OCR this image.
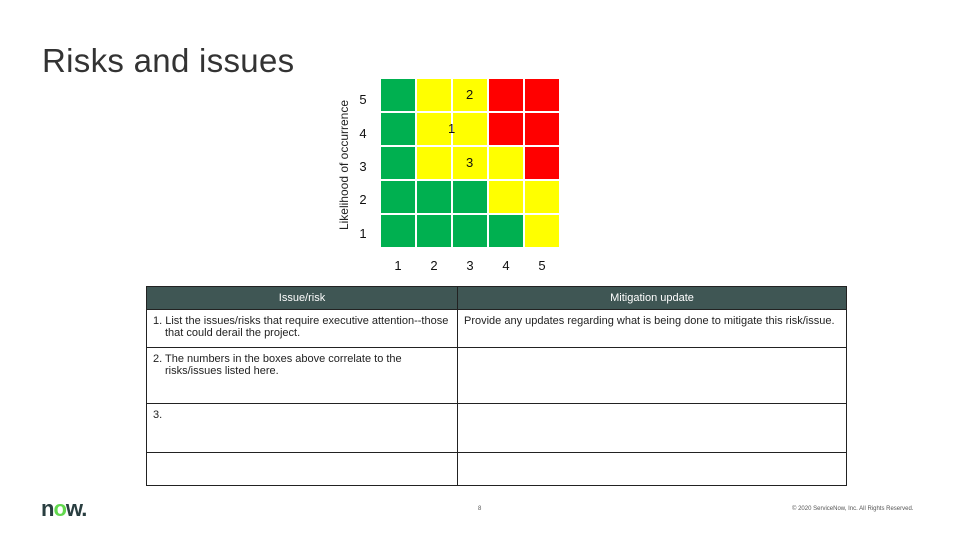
Risks and issues
Likelihood of occurrence
5
4
3
2
1
2
1
3
1 2 3 4 5
Issue/risk	Mitigation update

1. List the issues/risks that require executive attention--those that could derail the project.	Provide any updates regarding what is being done to mitigate this risk/issue.

2. The numbers in the boxes above correlate to the risks/issues listed here.	

3.	

now.	8	© 2020 ServiceNow, Inc. All Rights Reserved.
